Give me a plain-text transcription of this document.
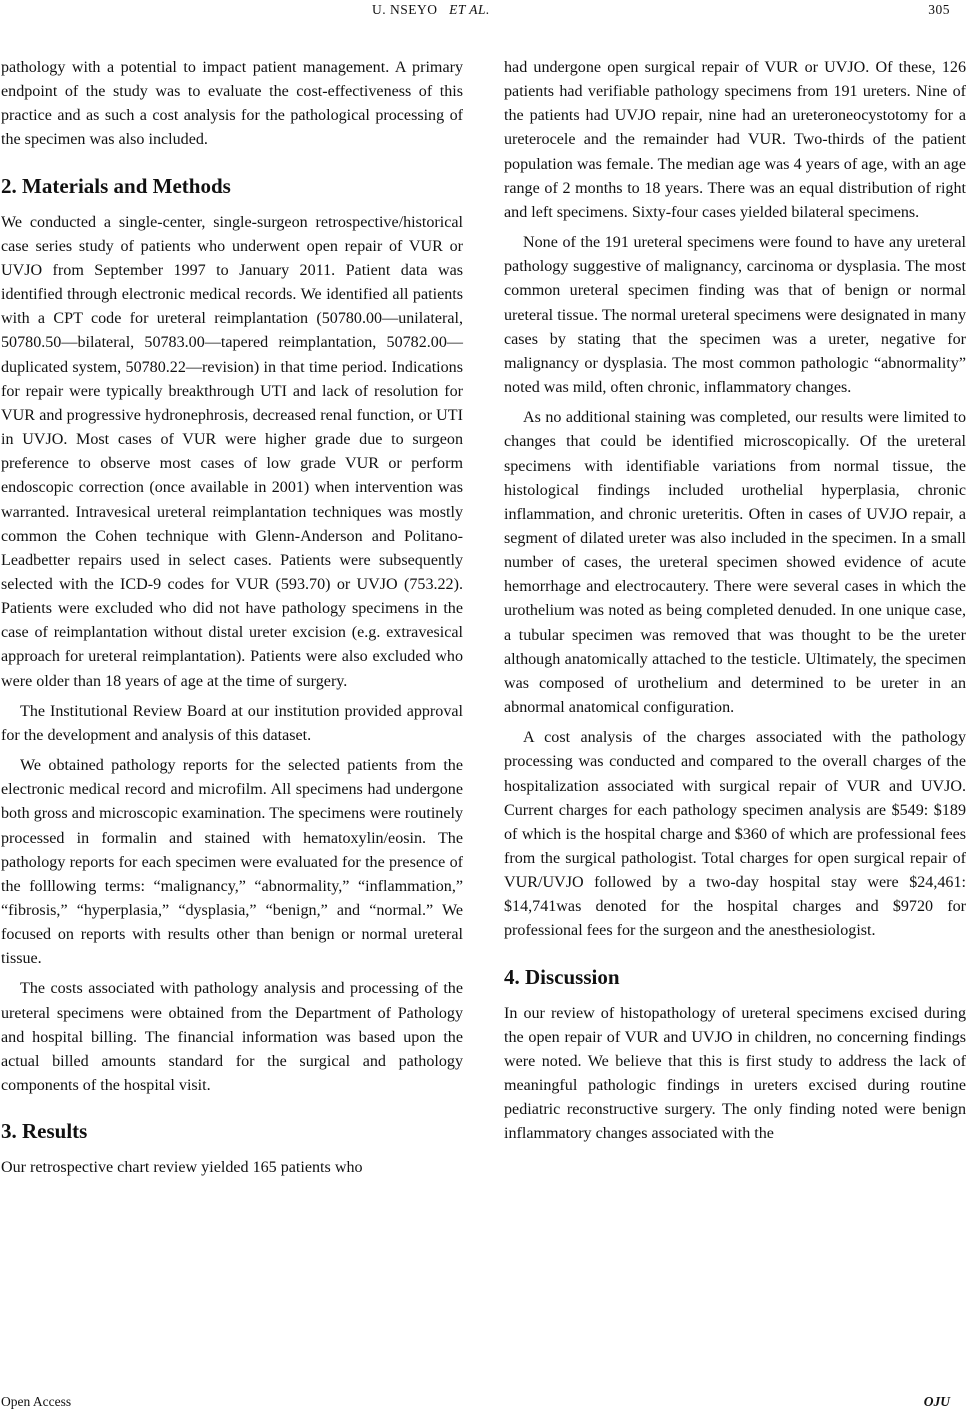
U. NSEYO ET AL.	305

pathology with a potential to impact patient management. A primary endpoint of the study was to evaluate the cost-effectiveness of this practice and as such a cost analysis for the pathological processing of the specimen was also included.

2. Materials and Methods

We conducted a single-center, single-surgeon retrospective/historical case series study of patients who underwent open repair of VUR or UVJO from September 1997 to January 2011. Patient data was identified through electronic medical records. We identified all patients with a CPT code for ureteral reimplantation (50780.00—unilateral, 50780.50—bilateral, 50783.00—tapered reimplantation, 50782.00—duplicated system, 50780.22—revision) in that time period. Indications for repair were typically breakthrough UTI and lack of resolution for VUR and progressive hydronephrosis, decreased renal function, or UTI in UVJO. Most cases of VUR were higher grade due to surgeon preference to observe most cases of low grade VUR or perform endoscopic correction (once available in 2001) when intervention was warranted. Intravesical ureteral reimplantation techniques was mostly common the Cohen technique with Glenn-Anderson and Politano-Leadbetter repairs used in select cases. Patients were subsequently selected with the ICD-9 codes for VUR (593.70) or UVJO (753.22). Patients were excluded who did not have pathology specimens in the case of reimplantation without distal ureter excision (e.g. extravesical approach for ureteral reimplantation). Patients were also excluded who were older than 18 years of age at the time of surgery.

The Institutional Review Board at our institution provided approval for the development and analysis of this dataset.

We obtained pathology reports for the selected patients from the electronic medical record and microfilm. All specimens had undergone both gross and microscopic examination. The specimens were routinely processed in formalin and stained with hematoxylin/eosin. The pathology reports for each specimen were evaluated for the presence of the folllowing terms: “malignancy,” “abnormality,” “inflammation,” “fibrosis,” “hyperplasia,” “dysplasia,” “benign,” and “normal.” We focused on reports with results other than benign or normal ureteral tissue.

The costs associated with pathology analysis and processing of the ureteral specimens were obtained from the Department of Pathology and hospital billing. The financial information was based upon the actual billed amounts standard for the surgical and pathology components of the hospital visit.

3. Results

Our retrospective chart review yielded 165 patients who

had undergone open surgical repair of VUR or UVJO. Of these, 126 patients had verifiable pathology specimens from 191 ureters. Nine of the patients had UVJO repair, nine had an ureteroneocystotomy for a ureterocele and the remainder had VUR. Two-thirds of the patient population was female. The median age was 4 years of age, with an age range of 2 months to 18 years. There was an equal distribution of right and left specimens. Sixty-four cases yielded bilateral specimens.

None of the 191 ureteral specimens were found to have any ureteral pathology suggestive of malignancy, carcinoma or dysplasia. The most common ureteral specimen finding was that of benign or normal ureteral tissue. The normal ureteral specimens were designated in many cases by stating that the specimen was a ureter, negative for malignancy or dysplasia. The most common pathologic “abnormality” noted was mild, often chronic, inflammatory changes.

As no additional staining was completed, our results were limited to changes that could be identified microscopically. Of the ureteral specimens with identifiable variations from normal tissue, the histological findings included urothelial hyperplasia, chronic inflammation, and chronic ureteritis. Often in cases of UVJO repair, a segment of dilated ureter was also included in the specimen. In a small number of cases, the ureteral specimen showed evidence of acute hemorrhage and electrocautery. There were several cases in which the urothelium was noted as being completed denuded. In one unique case, a tubular specimen was removed that was thought to be the ureter although anatomically attached to the testicle. Ultimately, the specimen was composed of urothelium and determined to be ureter in an abnormal anatomical configuration.

A cost analysis of the charges associated with the pathology processing was conducted and compared to the overall charges of the hospitalization associated with surgical repair of VUR and UVJO. Current charges for each pathology specimen analysis are $549: $189 of which is the hospital charge and $360 of which are professional fees from the surgical pathologist. Total charges for open surgical repair of VUR/UVJO followed by a two-day hospital stay were $24,461: $14,741was denoted for the hospital charges and $9720 for professional fees for the surgeon and the anesthesiologist.

4. Discussion

In our review of histopathology of ureteral specimens excised during the open repair of VUR and UVJO in children, no concerning findings were noted. We believe that this is first study to address the lack of meaningful pathologic findings in ureters excised during routine pediatric reconstructive surgery. The only finding noted were benign inflammatory changes associated with the

Open Access	OJU
